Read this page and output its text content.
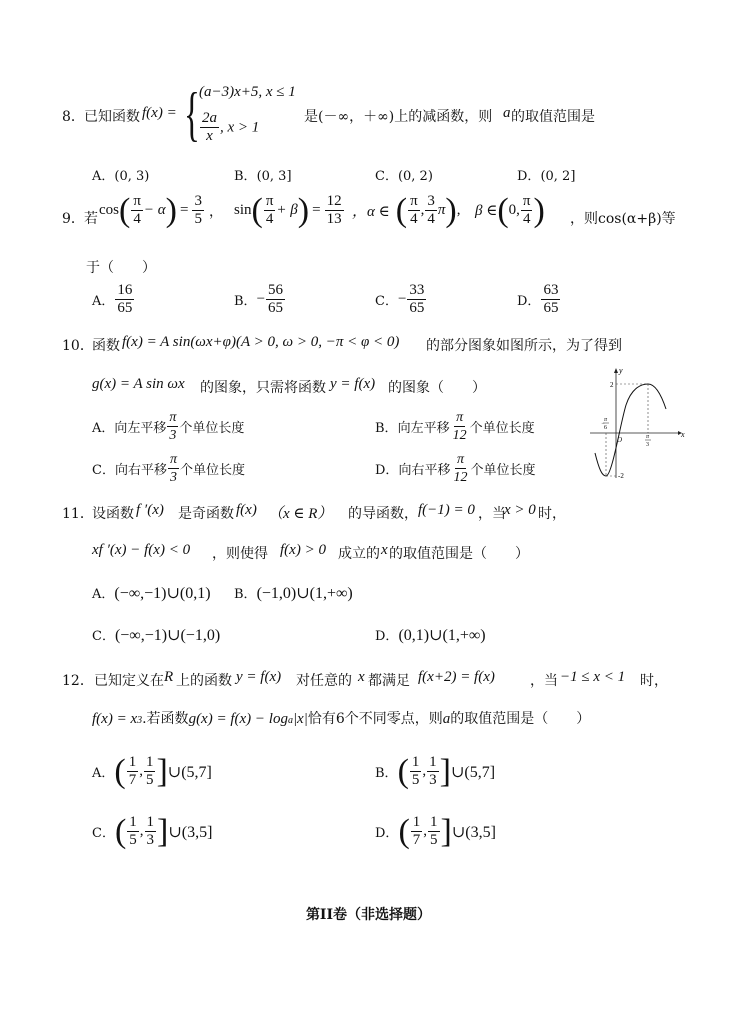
8． 已知函数 f(x) = { (a−3)x+5, x ≤ 1
$\frac{2a}{x}$ , x > 1
是(－∞，＋∞)上的减函数，则 a 的取值范围是
A．(0, 3)	B．(0, 3]	C．(0, 2)	D．(0, 2]
9． 若
cos ( $\frac{\pi}{4} - \alpha$ ) = $\frac{3}{5}$ ， sin ( $\frac{\pi}{4} + \beta$ ) = $\frac{12}{13}$ ，α ∈ ( $\frac{\pi}{4}$ , $\frac{3}{4}$ π ) , β ∈ ( 0, $\frac{\pi}{4}$ ) ，则cos(α+β)等
于（　　）
A． $\frac{16}{65}$	B． − $\frac{56}{65}$	C． − $\frac{33}{65}$	D． $\frac{63}{65}$
10．
函数 f(x) = A sin(ωx+φ)(A > 0, ω > 0, −π < φ < 0) 的部分图象如图所示，为了得到
g(x) = A sin ωx 的图象，只需将函数 y = f(x) 的图象（　　）
A． 向左平移 $\frac{\pi}{3}$ 个单位长度	B． 向左平移 $\frac{\pi}{12}$ 个单位长度
C． 向右平移 $\frac{\pi}{3}$ 个单位长度	D． 向右平移 $\frac{\pi}{12}$ 个单位长度
y
x
2
-2
O
−
π
6
π
3
11．
设函数 f ′(x) 是奇函数 f(x) （x ∈ R） 的导函数， f(−1) = 0 ，当
x > 0 时，
xf ′(x) − f(x) < 0 ，则使得 f(x) > 0 成立的 x 的取值范围是（　　）
A．(−∞,−1)∪(0,1) B．(−1,0)∪(1,+∞)
C．(−∞,−1)∪(−1,0)	D．(0,1)∪(1,+∞)
12． 已知定义在 R 上的函数 y = f(x) 对任意的 x 都满足 f(x+2) = f(x)	，当 −1 ≤ x < 1 时，
f(x) = x 3 .若函数 g(x) = f(x) − log a |x| 恰有 6 个不同零点，则 a 的取值范围是（　　）
A． ( $\frac{1}{7}$ , $\frac{1}{5}$ ] ∪(5,7]	B． ( $\frac{1}{5}$ , $\frac{1}{3}$ ] ∪(5,7]
C． ( $\frac{1}{5}$ , $\frac{1}{3}$ ] ∪(3,5]	D． ( $\frac{1}{7}$ , $\frac{1}{5}$ ] ∪(3,5]
第II卷（非选择题）
